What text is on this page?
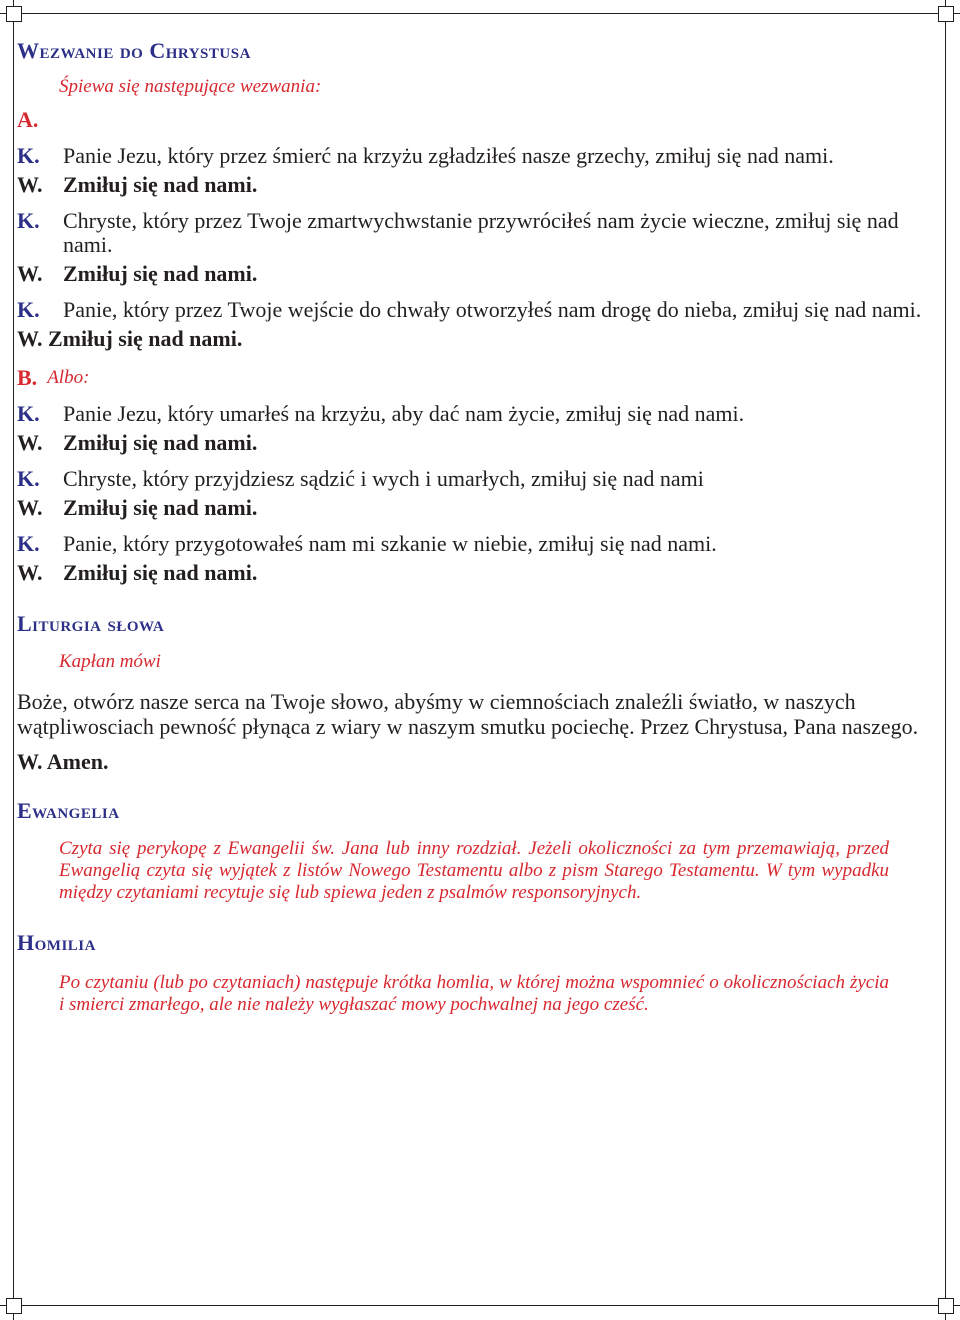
Wezwanie do Chrystusa
Śpiewa się następujące wezwania:
A.
K.	Panie Jezu, który przez śmierć na krzyżu zgładziłeś nasze grzechy, zmiłuj się nad nami.
W. Zmiłuj się nad nami.
K.	Chryste, który przez Twoje zmartwychwstanie przywróciłeś nam życie wieczne, zmiłuj się nad nami.
W. Zmiłuj się nad nami.
K.	Panie, który przez Twoje wejście do chwały otworzyłeś nam drogę do nieba, zmiłuj się nad nami.
W. Zmiłuj się nad nami.
B. Albo:
K.	Panie Jezu, który umarłeś na krzyżu, aby dać nam życie, zmiłuj się nad nami.
W. Zmiłuj się nad nami.
K.	Chryste, który przyjdziesz sądzić i wych i umarłych, zmiłuj się nad nami
W. Zmiłuj się nad nami.
K.	Panie, który przygotowałeś nam mi szkanie w niebie, zmiłuj się nad nami.
W. Zmiłuj się nad nami.
Liturgia słowa
Kapłan mówi
Boże, otwórz nasze serca na Twoje słowo, abyśmy w ciemnościach znaleźli światło, w naszych wątpliwosciach pewność płynąca z wiary w naszym smutku pociechę. Przez Chrystusa, Pana naszego.
W. Amen.
Ewangelia
Czyta się perykopę z Ewangelii św. Jana lub inny rozdział. Jeżeli okoliczności za tym przemawiają, przed Ewangelią czyta się wyjątek z listów Nowego Testamentu albo z pism Starego Testamentu. W tym wypadku między czytaniami recytuje się lub spiewa jeden z psalmów responsoryjnych.
Homilia
Po czytaniu (lub po czytaniach) następuje krótka homlia, w której można wspomnieć o okolicznościach życia i smierci zmarłego, ale nie należy wygłaszać mowy pochwalnej na jego cześć.
